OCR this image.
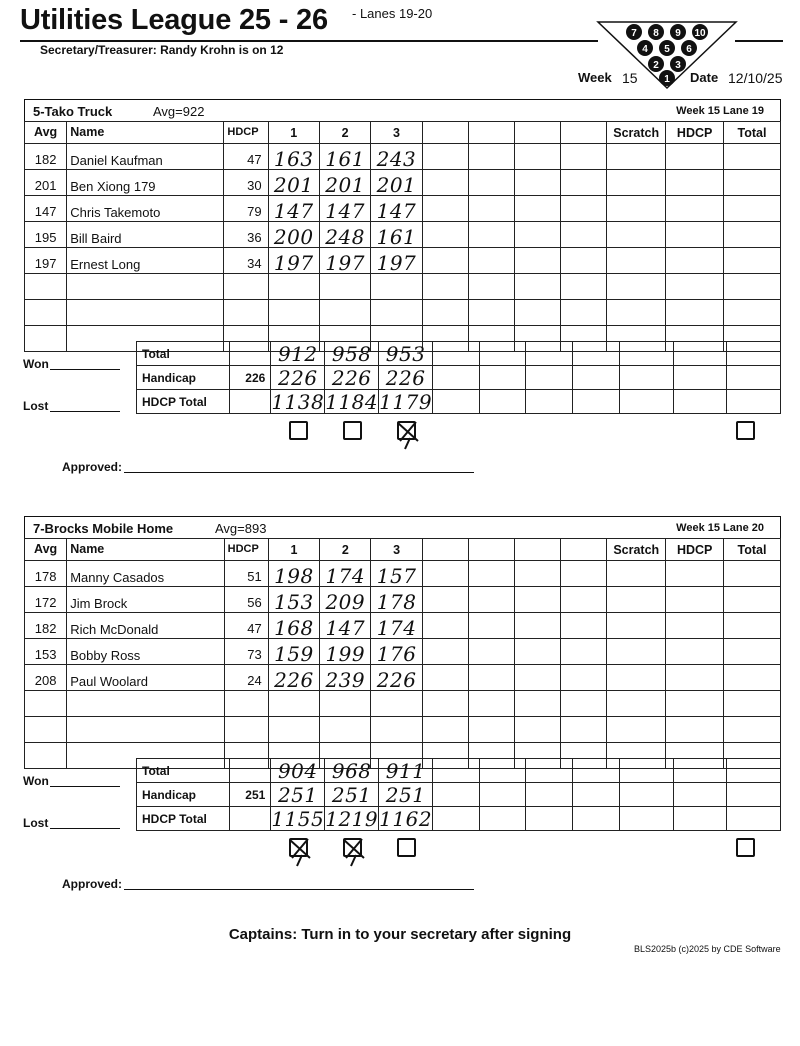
Utilities League 25 - 26 - Lanes 19-20
Secretary/Treasurer: Randy Krohn is on 12
7 8 9 10
4 5 6
2 3
1
Week 15	Date 12/10/25
5-Tako Truck	Avg=922	Week 15 Lane 19
Avg	Name	HDCP	1	2	3					Scratch	HDCP	Total
182	Daniel Kaufman	47	163	161	243							

201	Ben Xiong 179	30	201	201	201							

147	Chris Takemoto	79	147	147	147							

195	Bill Baird	36	200	248	161							

197	Ernest Long	34	197	197	197							

Total		912	958	953							

Handicap	226	226	226	226							

HDCP Total		1138	1184	1179							

Won
Lost
Approved:
7-Brocks Mobile Home	Avg=893	Week 15 Lane 20
Avg	Name	HDCP	1	2	3					Scratch	HDCP	Total
178	Manny Casados	51	198	174	157							

172	Jim Brock	56	153	209	178							

182	Rich McDonald	47	168	147	174							

153	Bobby Ross	73	159	199	176							

208	Paul Woolard	24	226	239	226							

Total		904	968	911							

Handicap	251	251	251	251							

HDCP Total		1155	1219	1162							

Won
Lost
Approved:
Captains: Turn in to your secretary after signing
BLS2025b (c)2025 by CDE Software
